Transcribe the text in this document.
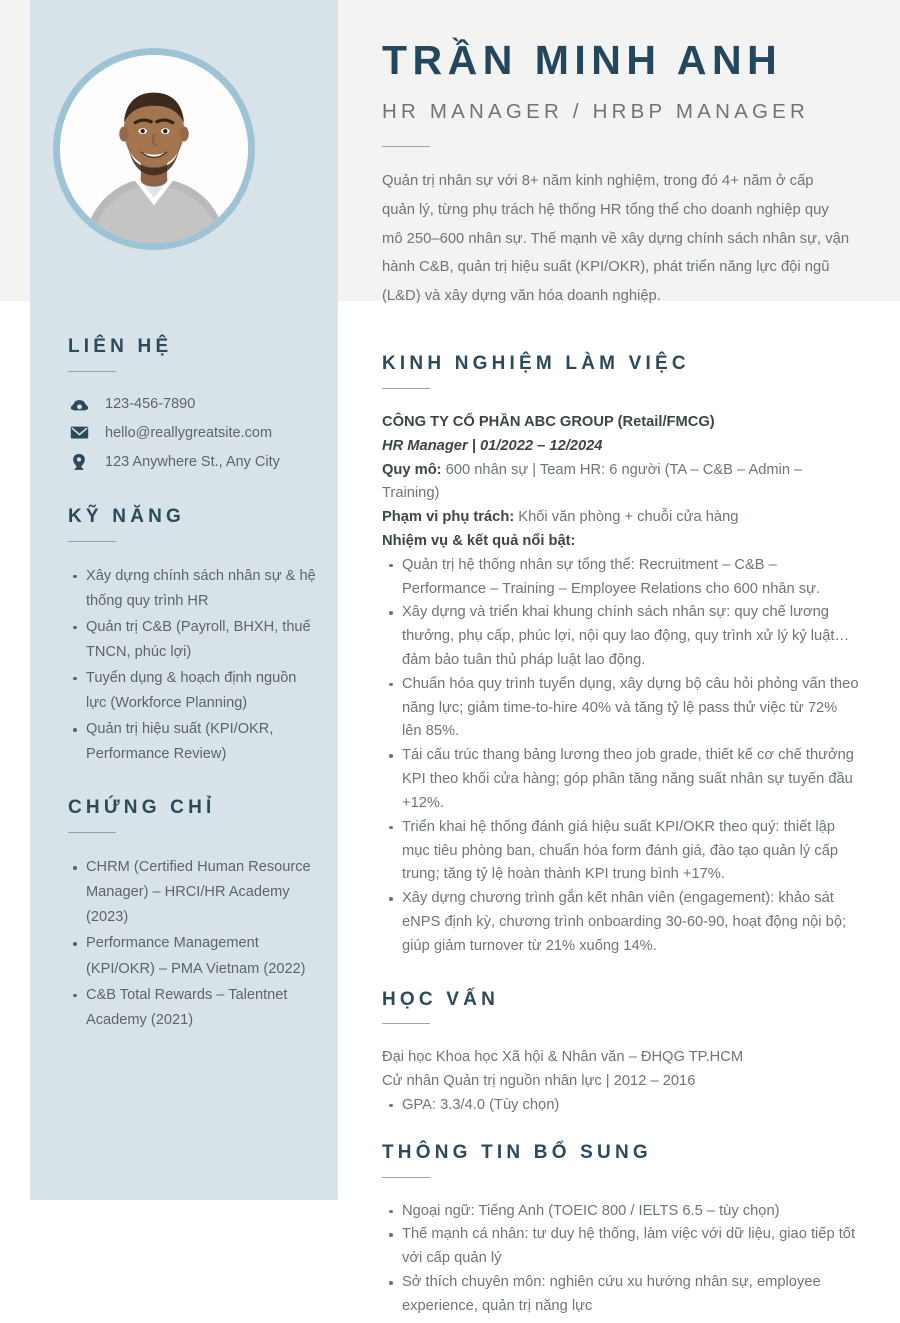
LIÊN HỆ
123-456-7890
hello@reallygreatsite.com
123 Anywhere St., Any City
KỸ NĂNG
Xây dựng chính sách nhân sự & hệ thống quy trình HR
Quản trị C&B (Payroll, BHXH, thuế TNCN, phúc lợi)
Tuyển dụng & hoạch định nguồn lực (Workforce Planning)
Quản trị hiệu suất (KPI/OKR, Performance Review)
CHỨNG CHỈ
CHRM (Certified Human Resource Manager) – HRCI/HR Academy (2023)
Performance Management (KPI/OKR) – PMA Vietnam (2022)
C&B Total Rewards – Talentnet Academy (2021)
TRẦN MINH ANH
HR MANAGER / HRBP MANAGER

Quản trị nhân sự với 8+ năm kinh nghiệm, trong đó 4+ năm ở cấp quản lý, từng phụ trách hệ thống HR tổng thể cho doanh nghiệp quy mô 250–600 nhân sự. Thế mạnh về xây dựng chính sách nhân sự, vận hành C&B, quản trị hiệu suất (KPI/OKR), phát triển năng lực đội ngũ (L&D) và xây dựng văn hóa doanh nghiệp.

KINH NGHIỆM LÀM VIỆC

CÔNG TY CỔ PHẦN ABC GROUP (Retail/FMCG)

HR Manager | 01/2022 – 12/2024

Quy mô: 600 nhân sự | Team HR: 6 người (TA – C&B – Admin – Training)

Phạm vi phụ trách: Khối văn phòng + chuỗi cửa hàng

Nhiệm vụ & kết quả nổi bật:

Quản trị hệ thống nhân sự tổng thể: Recruitment – C&B – Performance – Training – Employee Relations cho 600 nhân sự.
Xây dựng và triển khai khung chính sách nhân sự: quy chế lương thưởng, phụ cấp, phúc lợi, nội quy lao động, quy trình xử lý kỷ luật… đảm bảo tuân thủ pháp luật lao động.
Chuẩn hóa quy trình tuyển dụng, xây dựng bộ câu hỏi phỏng vấn theo năng lực; giảm time-to-hire 40% và tăng tỷ lệ pass thử việc từ 72% lên 85%.
Tái cấu trúc thang bảng lương theo job grade, thiết kế cơ chế thưởng KPI theo khối cửa hàng; góp phần tăng năng suất nhân sự tuyến đầu +12%.
Triển khai hệ thống đánh giá hiệu suất KPI/OKR theo quý: thiết lập mục tiêu phòng ban, chuẩn hóa form đánh giá, đào tạo quản lý cấp trung; tăng tỷ lệ hoàn thành KPI trung bình +17%.
Xây dựng chương trình gắn kết nhân viên (engagement): khảo sát eNPS định kỳ, chương trình onboarding 30-60-90, hoạt động nội bộ; giúp giảm turnover từ 21% xuống 14%.
HỌC VẤN

Đại học Khoa học Xã hội & Nhân văn – ĐHQG TP.HCM

Cử nhân Quản trị nguồn nhân lực | 2012 – 2016

GPA: 3.3/4.0 (Tùy chọn)
THÔNG TIN BỔ SUNG
Ngoại ngữ: Tiếng Anh (TOEIC 800 / IELTS 6.5 – tùy chọn)
Thế mạnh cá nhân: tư duy hệ thống, làm việc với dữ liệu, giao tiếp tốt với cấp quản lý
Sở thích chuyên môn: nghiên cứu xu hướng nhân sự, employee experience, quản trị năng lực
